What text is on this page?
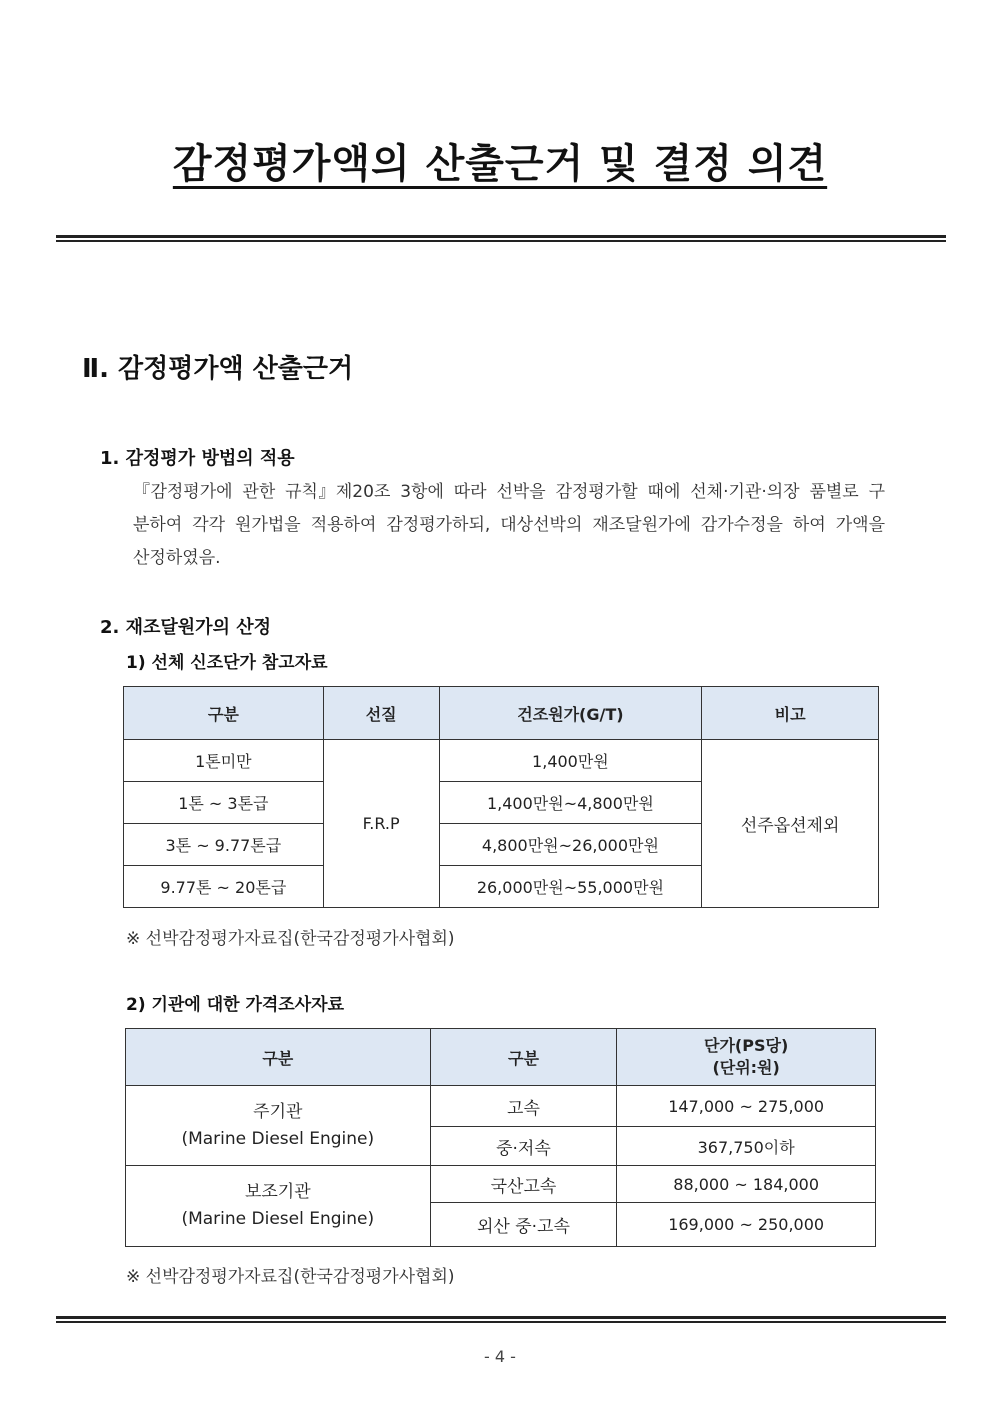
감정평가액의 산출근거 및 결정 의견
Ⅱ. 감정평가액 산출근거
1. 감정평가 방법의 적용
『감정평가에 관한 규칙』제20조 3항에 따라 선박을 감정평가할 때에 선체·기관·의장 품별로 구분하여 각각 원가법을 적용하여 감정평가하되, 대상선박의 재조달원가에 감가수정을 하여 가액을 산정하였음.
2. 재조달원가의 산정
1) 선체 신조단가 참고자료
구분	선질	건조원가(G/T)	비고
1톤미만	F.R.P	1,400만원	선주옵션제외
1톤 ~ 3톤급		1,400만원~4,800만원	
3톤 ~ 9.77톤급		4,800만원~26,000만원	
9.77톤 ~ 20톤급		26,000만원~55,000만원	
※ 선박감정평가자료집(한국감정평가사협회)
2) 기관에 대한 가격조사자료
구분	구분	단가(PS당)
(단위:원)

주기관
(Marine Diesel Engine)	고속	147,000 ~ 275,000
	중·저속	367,750이하

보조기관
(Marine Diesel Engine)	국산고속	88,000 ~ 184,000
	외산 중·고속	169,000 ~ 250,000
※ 선박감정평가자료집(한국감정평가사협회)
- 4 -
